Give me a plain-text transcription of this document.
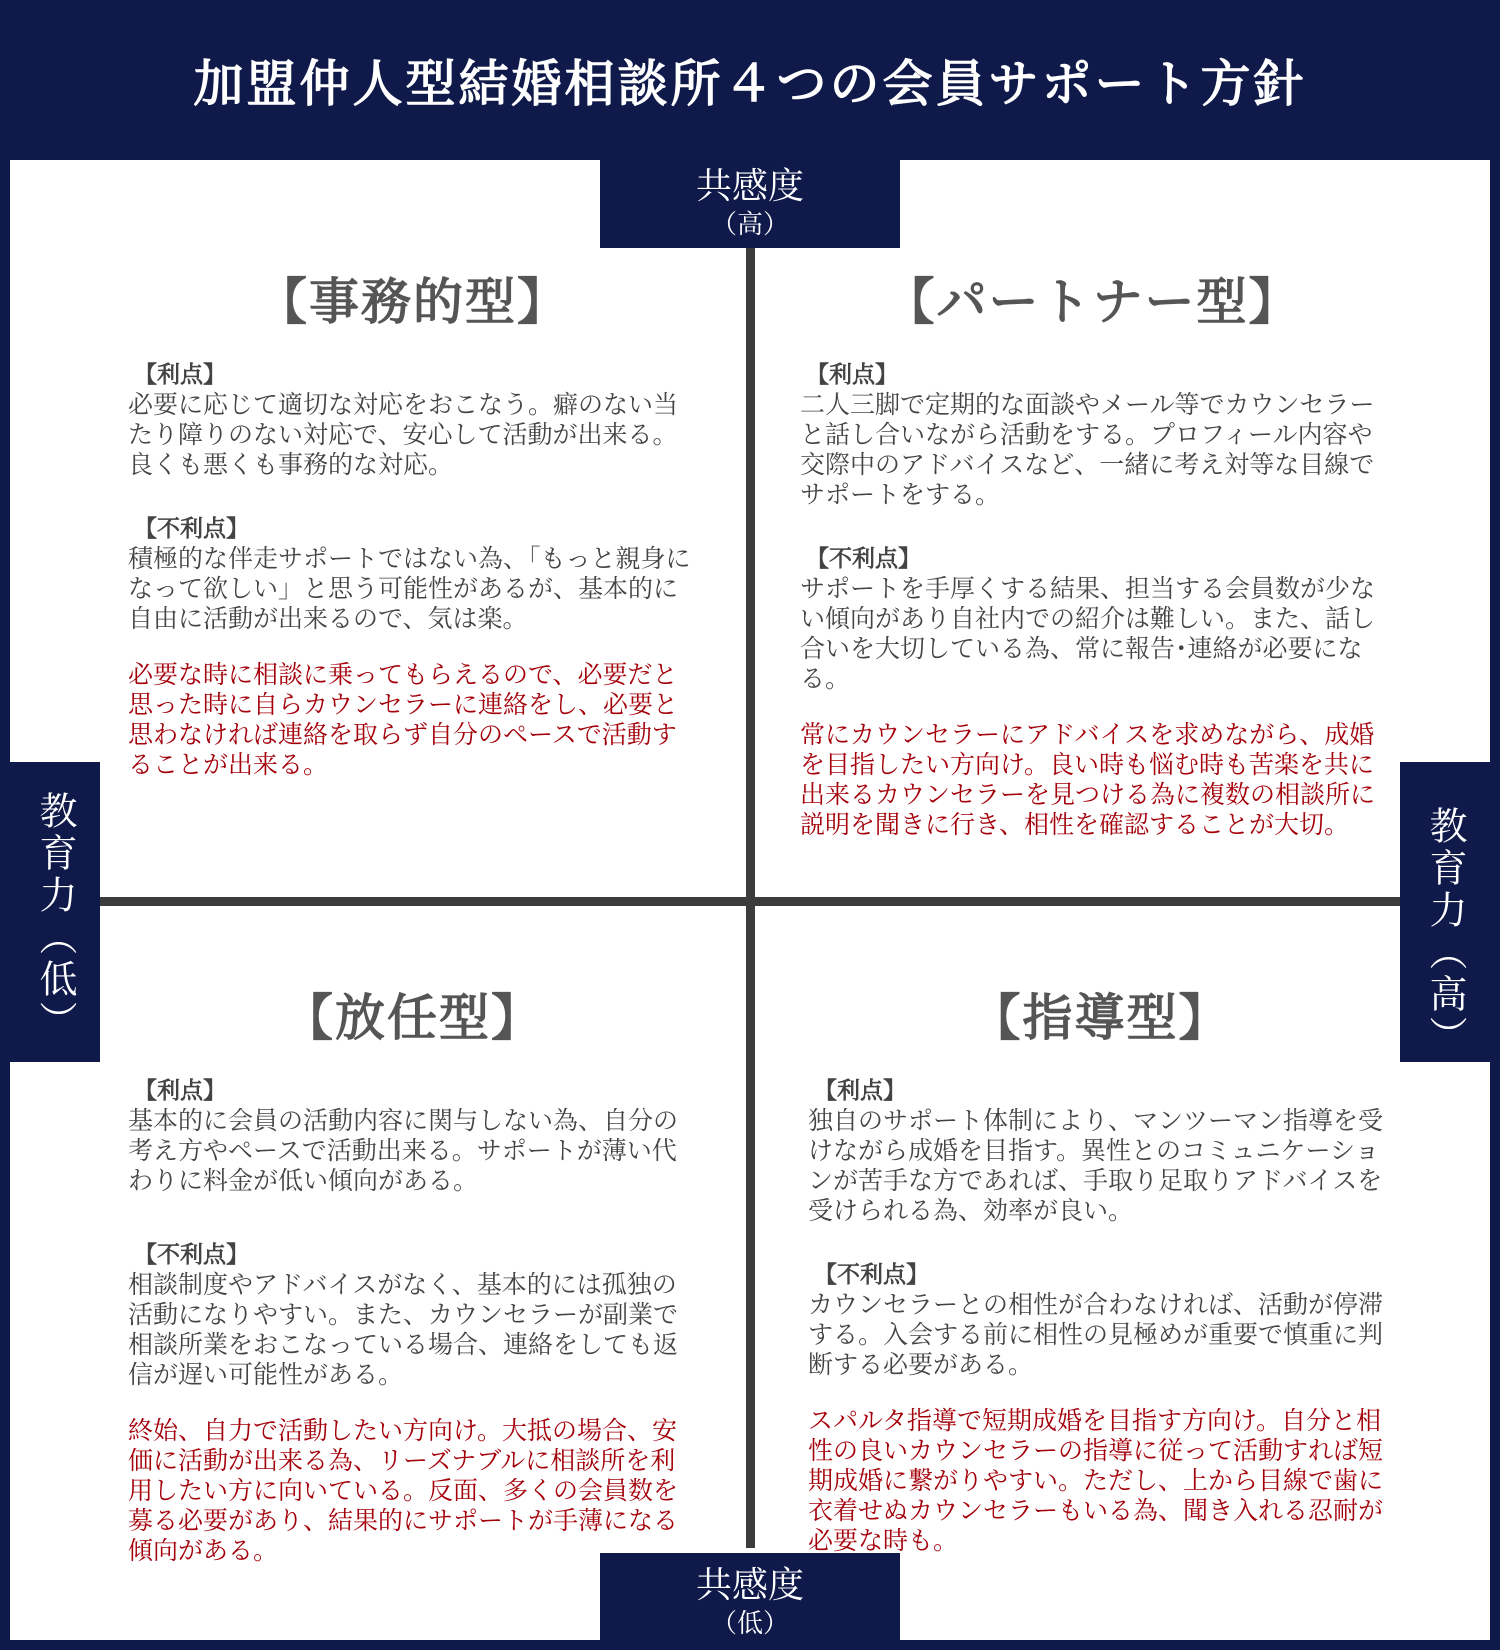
加盟仲人型結婚相談所４つの会員サポート方針
共感度
（高）
共感度
（低）
教育力（低）	教育力（高）
【事務的型】
【利点】

必要に応じて適切な対応をおこなう。癖のない当たり障りのない対応で、安心して活動が出来る。良くも悪くも事務的な対応。

【不利点】

積極的な伴走サポートではない為、「もっと親身になって欲しい」と思う可能性があるが、基本的に自由に活動が出来るので、気は楽。

必要な時に相談に乗ってもらえるので、必要だと思った時に自らカウンセラーに連絡をし、必要と思わなければ連絡を取らず自分のペースで活動することが出来る。

【パートナー型】
【利点】

二人三脚で定期的な面談やメール等でカウンセラーと話し合いながら活動をする。プロフィール内容や交際中のアドバイスなど、一緒に考え対等な目線でサポートをする。

【不利点】

サポートを手厚くする結果、担当する会員数が少ない傾向があり自社内での紹介は難しい。また、話し合いを大切している為、常に報告･連絡が必要になる。

常にカウンセラーにアドバイスを求めながら、成婚を目指したい方向け。良い時も悩む時も苦楽を共に出来るカウンセラーを見つける為に複数の相談所に説明を聞きに行き、相性を確認することが大切。

【放任型】
【利点】

基本的に会員の活動内容に関与しない為、自分の考え方やペースで活動出来る。サポートが薄い代わりに料金が低い傾向がある。

【不利点】

相談制度やアドバイスがなく、基本的には孤独の活動になりやすい。また、カウンセラーが副業で相談所業をおこなっている場合、連絡をしても返信が遅い可能性がある。

終始、自力で活動したい方向け。大抵の場合、安価に活動が出来る為、リーズナブルに相談所を利用したい方に向いている。反面、多くの会員数を募る必要があり、結果的にサポートが手薄になる傾向がある。

【指導型】
【利点】

独自のサポート体制により、マンツーマン指導を受けながら成婚を目指す。異性とのコミュニケーションが苦手な方であれば、手取り足取りアドバイスを受けられる為、効率が良い。

【不利点】

カウンセラーとの相性が合わなければ、活動が停滞する。入会する前に相性の見極めが重要で慎重に判断する必要がある。

スパルタ指導で短期成婚を目指す方向け。自分と相性の良いカウンセラーの指導に従って活動すれば短期成婚に繋がりやすい。ただし、上から目線で歯に衣着せぬカウンセラーもいる為、聞き入れる忍耐が必要な時も。
